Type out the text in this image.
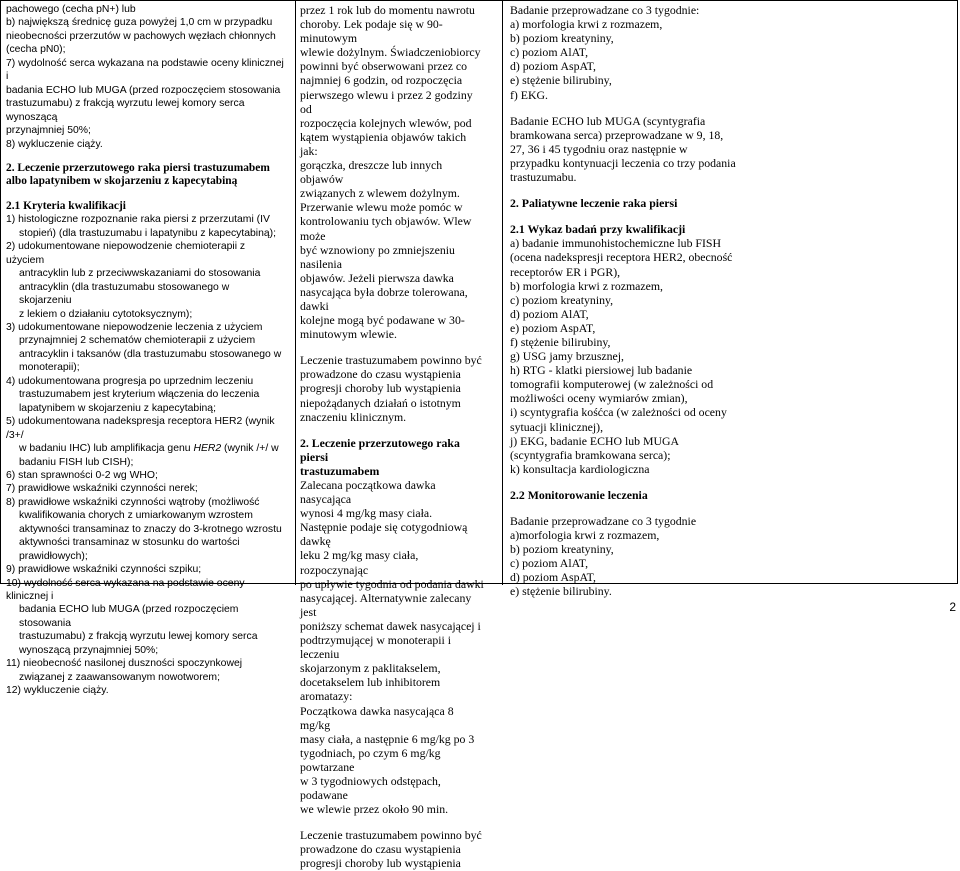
pachowego (cecha pN+) lub
b) największą średnicę guza powyżej 1,0 cm w przypadku
nieobecności przerzutów w pachowych węzłach chłonnych
(cecha pN0);
7) wydolność serca wykazana na podstawie oceny klinicznej i
badania ECHO lub MUGA (przed rozpoczęciem stosowania
trastuzumabu) z frakcją wyrzutu lewej komory serca wynoszącą
przynajmniej 50%;
8) wykluczenie ciąży.
2. Leczenie przerzutowego raka piersi trastuzumabem
albo lapatynibem w skojarzeniu z kapecytabiną
2.1 Kryteria kwalifikacji
1) histologiczne rozpoznanie raka piersi z przerzutami (IV
stopień) (dla trastuzumabu i lapatynibu z kapecytabiną);
2) udokumentowane niepowodzenie chemioterapii z użyciem
antracyklin lub z przeciwwskazaniami do stosowania
antracyklin (dla trastuzumabu stosowanego w skojarzeniu
z lekiem o działaniu cytotoksycznym);
3) udokumentowane niepowodzenie leczenia z użyciem
przynajmniej 2 schematów chemioterapii z użyciem
antracyklin i taksanów (dla trastuzumabu stosowanego w
monoterapii);
4) udokumentowana progresja po uprzednim leczeniu
trastuzumabem jest kryterium włączenia do leczenia
lapatynibem w skojarzeniu z kapecytabiną;
5) udokumentowana nadekspresja receptora HER2 (wynik /3+/
w badaniu IHC) lub amplifikacja genu HER2 (wynik /+/ w
badaniu FISH lub CISH);
6) stan sprawności 0-2 wg WHO;
7) prawidłowe wskaźniki czynności nerek;
8) prawidłowe wskaźniki czynności wątroby (możliwość
kwalifikowania chorych z umiarkowanym wzrostem
aktywności transaminaz to znaczy do 3-krotnego wzrostu
aktywności transaminaz w stosunku do wartości
prawidłowych);
9) prawidłowe wskaźniki czynności szpiku;
10) wydolność serca wykazana na podstawie oceny klinicznej i
badania ECHO lub MUGA (przed rozpoczęciem stosowania
trastuzumabu) z frakcją wyrzutu lewej komory serca
wynoszącą przynajmniej 50%;
11) nieobecność nasilonej duszności spoczynkowej
związanej z zaawansowanym nowotworem;
12) wykluczenie ciąży.
przez 1 rok lub do momentu nawrotu
choroby. Lek podaje się w 90-minutowym
wlewie dożylnym. Świadczeniobiorcy
powinni być obserwowani przez co
najmniej 6 godzin, od rozpoczęcia
pierwszego wlewu i przez 2 godziny od
rozpoczęcia kolejnych wlewów, pod
kątem wystąpienia objawów takich jak:
gorączka, dreszcze lub innych objawów
związanych z wlewem dożylnym.
Przerwanie wlewu może pomóc w
kontrolowaniu tych objawów. Wlew może
być wznowiony po zmniejszeniu nasilenia
objawów. Jeżeli pierwsza dawka
nasycająca była dobrze tolerowana, dawki
kolejne mogą być podawane w 30-
minutowym wlewie.
Leczenie trastuzumabem powinno być
prowadzone do czasu wystąpienia
progresji choroby lub wystąpienia
niepożądanych działań o istotnym
znaczeniu klinicznym.
2. Leczenie przerzutowego raka piersi
trastuzumabem
Zalecana początkowa dawka nasycająca
wynosi 4 mg/kg masy ciała.
Następnie podaje się cotygodniową dawkę
leku 2 mg/kg masy ciała, rozpoczynając
po upływie tygodnia od podania dawki
nasycającej. Alternatywnie zalecany jest
poniższy schemat dawek nasycającej i
podtrzymującej w monoterapii i leczeniu
skojarzonym z paklitakselem,
docetakselem lub inhibitorem aromatazy:
Początkowa dawka nasycająca 8 mg/kg
masy ciała, a następnie 6 mg/kg po 3
tygodniach, po czym 6 mg/kg powtarzane
w 3 tygodniowych odstępach, podawane
we wlewie przez około 90 min.
Leczenie trastuzumabem powinno być
prowadzone do czasu wystąpienia
progresji choroby lub wystąpienia
Badanie przeprowadzane co 3 tygodnie:
a) morfologia krwi z rozmazem,
b) poziom kreatyniny,
c) poziom AlAT,
d) poziom AspAT,
e) stężenie bilirubiny,
f) EKG.
Badanie ECHO lub MUGA (scyntygrafia
bramkowana serca) przeprowadzane w 9, 18,
27, 36 i 45 tygodniu oraz następnie w
przypadku kontynuacji leczenia co trzy podania
trastuzumabu.
2. Paliatywne leczenie raka piersi
2.1 Wykaz badań przy kwalifikacji
a) badanie immunohistochemiczne lub FISH
(ocena nadekspresji receptora HER2, obecność
receptorów ER i PGR),
b) morfologia krwi z rozmazem,
c) poziom kreatyniny,
d) poziom AlAT,
e) poziom AspAT,
f) stężenie bilirubiny,
g) USG jamy brzusznej,
h) RTG - klatki piersiowej lub badanie
tomografii komputerowej (w zależności od
możliwości oceny wymiarów zmian),
i) scyntygrafia kośćca (w zależności od oceny
sytuacji klinicznej),
j) EKG, badanie ECHO lub MUGA
(scyntygrafia bramkowana serca);
k) konsultacja kardiologiczna
2.2 Monitorowanie leczenia
Badanie przeprowadzane co 3 tygodnie
a)morfologia krwi z rozmazem,
b) poziom kreatyniny,
c) poziom AlAT,
d) poziom AspAT,
e) stężenie bilirubiny.
2
